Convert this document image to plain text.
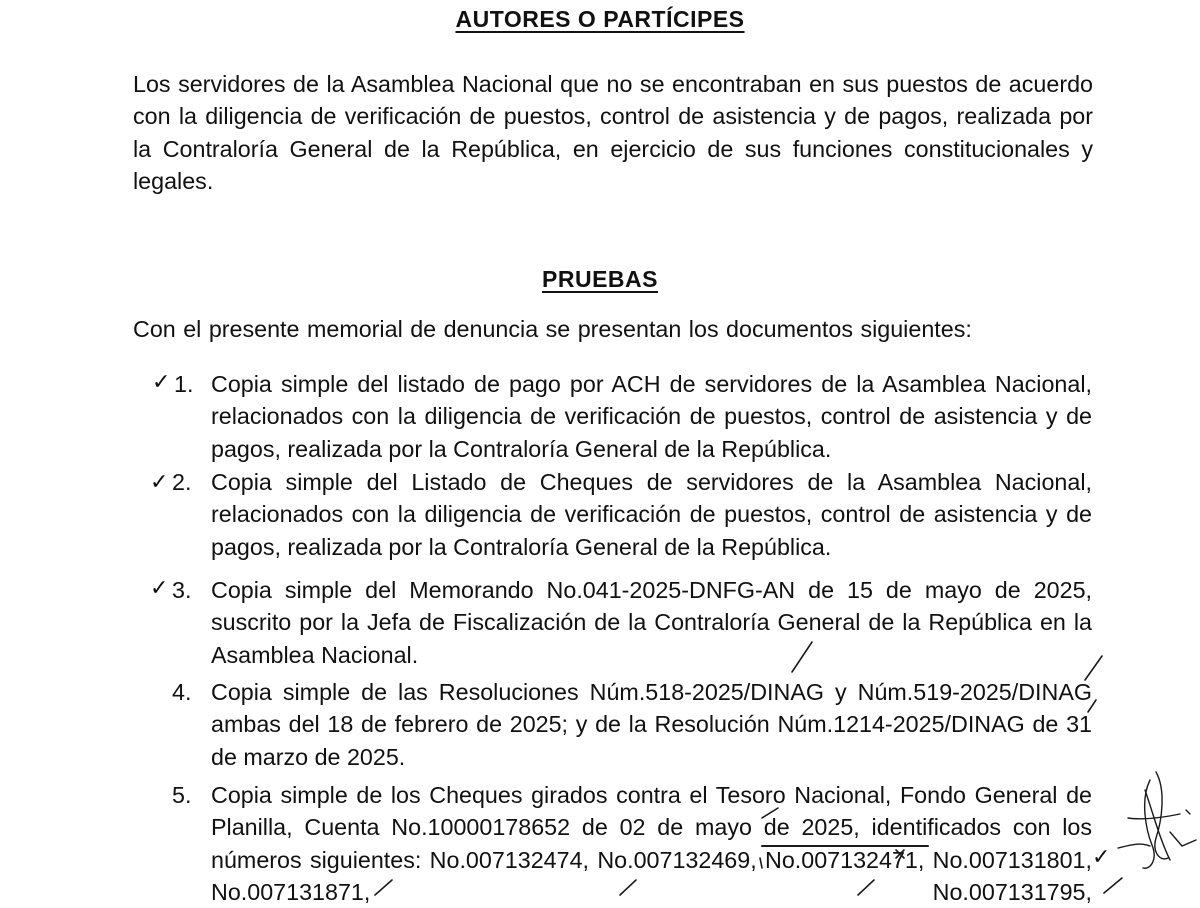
AUTORES O PARTÍCIPES

Los servidores de la Asamblea Nacional que no se encontraban en sus puestos de acuerdo con la diligencia de verificación de puestos, control de asistencia y de pagos, realizada por la Contraloría General de la República, en ejercicio de sus funciones constitucionales y legales.

PRUEBAS

Con el presente memorial de denuncia se presentan los documentos siguientes:

1.
2.
3.
4.
5.

Copia simple del listado de pago por ACH de servidores de la Asamblea Nacional, relacionados con la diligencia de verificación de puestos, control de asistencia y de pagos, realizada por la Contraloría General de la República.

Copia simple del Listado de Cheques de servidores de la Asamblea Nacional, relacionados con la diligencia de verificación de puestos, control de asistencia y de pagos, realizada por la Contraloría General de la República.

Copia simple del Memorando No.041-2025-DNFG-AN de 15 de mayo de 2025, suscrito por la Jefa de Fiscalización de la Contraloría General de la República en la Asamblea Nacional.

Copia simple de las Resoluciones Núm.518-2025/DINAG y Núm.519-2025/DINAG ambas del 18 de febrero de 2025; y de la Resolución Núm.1214-2025/DINAG de 31 de marzo de 2025.

Copia simple de los Cheques girados contra el Tesoro Nacional, Fondo General de Planilla, Cuenta No.10000178652 de 02 de mayo de 2025, identificados con los números siguientes: No.007132474, No.007132469, No.007132471, No.007131801, No.007131871, No.007131795,

✓
✓
✓
✓
